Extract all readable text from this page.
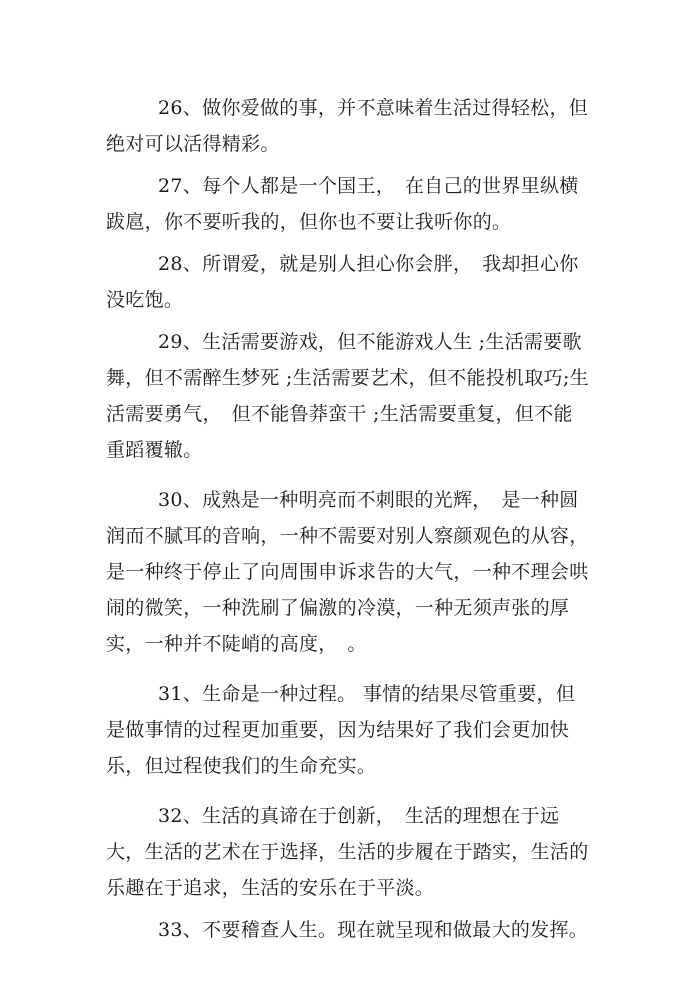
26、做你爱做的事，并不意味着生活过得轻松，但绝对可以活得精彩。

27、每个人都是一个国王，　在自己的世界里纵横跋扈，你不要听我的，但你也不要让我听你的。

28、所谓爱，就是别人担心你会胖，　我却担心你没吃饱。

29、生活需要游戏，但不能游戏人生 ;生活需要歌舞，但不需醉生梦死 ;生活需要艺术，但不能投机取巧;生活需要勇气，　但不能鲁莽蛮干 ;生活需要重复，但不能重蹈覆辙。

30、成熟是一种明亮而不刺眼的光辉，　是一种圆润而不腻耳的音响，一种不需要对别人察颜观色的从容，是一种终于停止了向周围申诉求告的大气，一种不理会哄闹的微笑，一种洗刷了偏激的冷漠，一种无须声张的厚实，一种并不陡峭的高度，　。

31、生命是一种过程。 事情的结果尽管重要，但是做事情的过程更加重要，因为结果好了我们会更加快乐，但过程使我们的生命充实。

32、生活的真谛在于创新，　生活的理想在于远大，生活的艺术在于选择，生活的步履在于踏实，生活的乐趣在于追求，生活的安乐在于平淡。

33、不要稽查人生。现在就呈现和做最大的发挥。
